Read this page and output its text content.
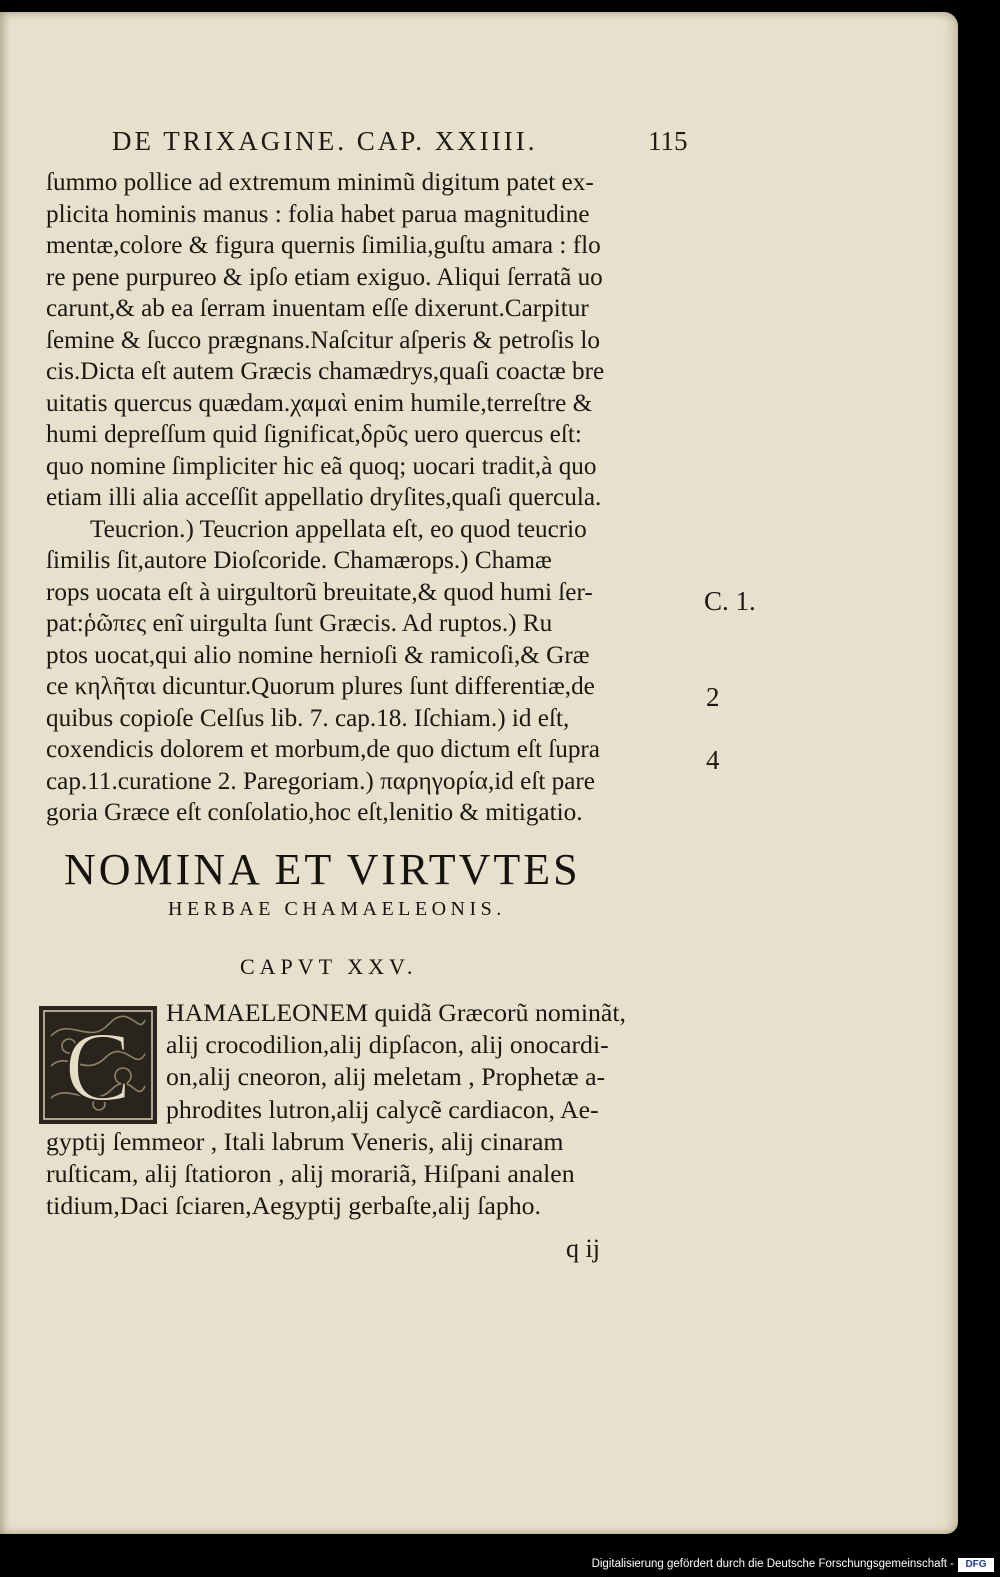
DE TRIXAGINE. CAP. XXIIII.	115
ſummo pollice ad extremum minimũ digitum patet ex-
plicita hominis manus : folia habet parua magnitudine
mentæ,colore & figura quernis ſimilia,guſtu amara : flo
re pene purpureo & ipſo etiam exiguo. Aliqui ſerratã uo
carunt,& ab ea ſerram inuentam eſſe dixerunt.Carpitur
ſemine & ſucco prægnans.Naſcitur aſperis & petroſis lo
cis.Dicta eſt autem Græcis chamædrys,quaſi coactæ bre
uitatis quercus quædam.χαμαὶ enim humile,terreſtre &
humi depreſſum quid ſignificat,δρῦς uero quercus eſt:
quo nomine ſimpliciter hic eã quoq; uocari tradit,à quo
etiam illi alia acceſſit appellatio dryſites,quaſi quercula.
Teucrion.) Teucrion appellata eſt, eo quod teucrio
ſimilis ſit,autore Dioſcoride. Chamærops.) Chamæ
rops uocata eſt à uirgultorũ breuitate,& quod humi ſer-
pat:ῥῶπες enĩ uirgulta ſunt Græcis. Ad ruptos.) Ru
ptos uocat,qui alio nomine hernioſi & ramicoſi,& Græ
ce κηλῆται dicuntur.Quorum plures ſunt differentiæ,de
quibus copioſe Celſus lib. 7. cap.18. Iſchiam.) id eſt,
coxendicis dolorem et morbum,de quo dictum eſt ſupra
cap.11.curatione 2. Paregoriam.) παρηγορία,id eſt pare
goria Græce eſt conſolatio,hoc eſt,lenitio & mitigatio.
C. 1.
2
4
NOMINA ET VIRTVTES
HERBAE CHAMAELEONIS.
CAPVT XXV.
C	HAMAELEONEM quidã Græcorũ nominãt,
alij crocodilion,alij dipſacon, alij onocardi-
on,alij cneoron, alij meletam , Prophetæ a-
phrodites lutron,alij calycẽ cardiacon, Ae-
gyptij ſemmeor , Itali labrum Veneris, alij cinaram
ruſticam, alij ſtatioron , alij morariã, Hiſpani analen
tidium,Daci ſciaren,Aegyptij gerbaſte,alij ſapho.
q ij
Digitalisierung gefördert durch die Deutsche Forschungsgemeinschaft -	DFG
